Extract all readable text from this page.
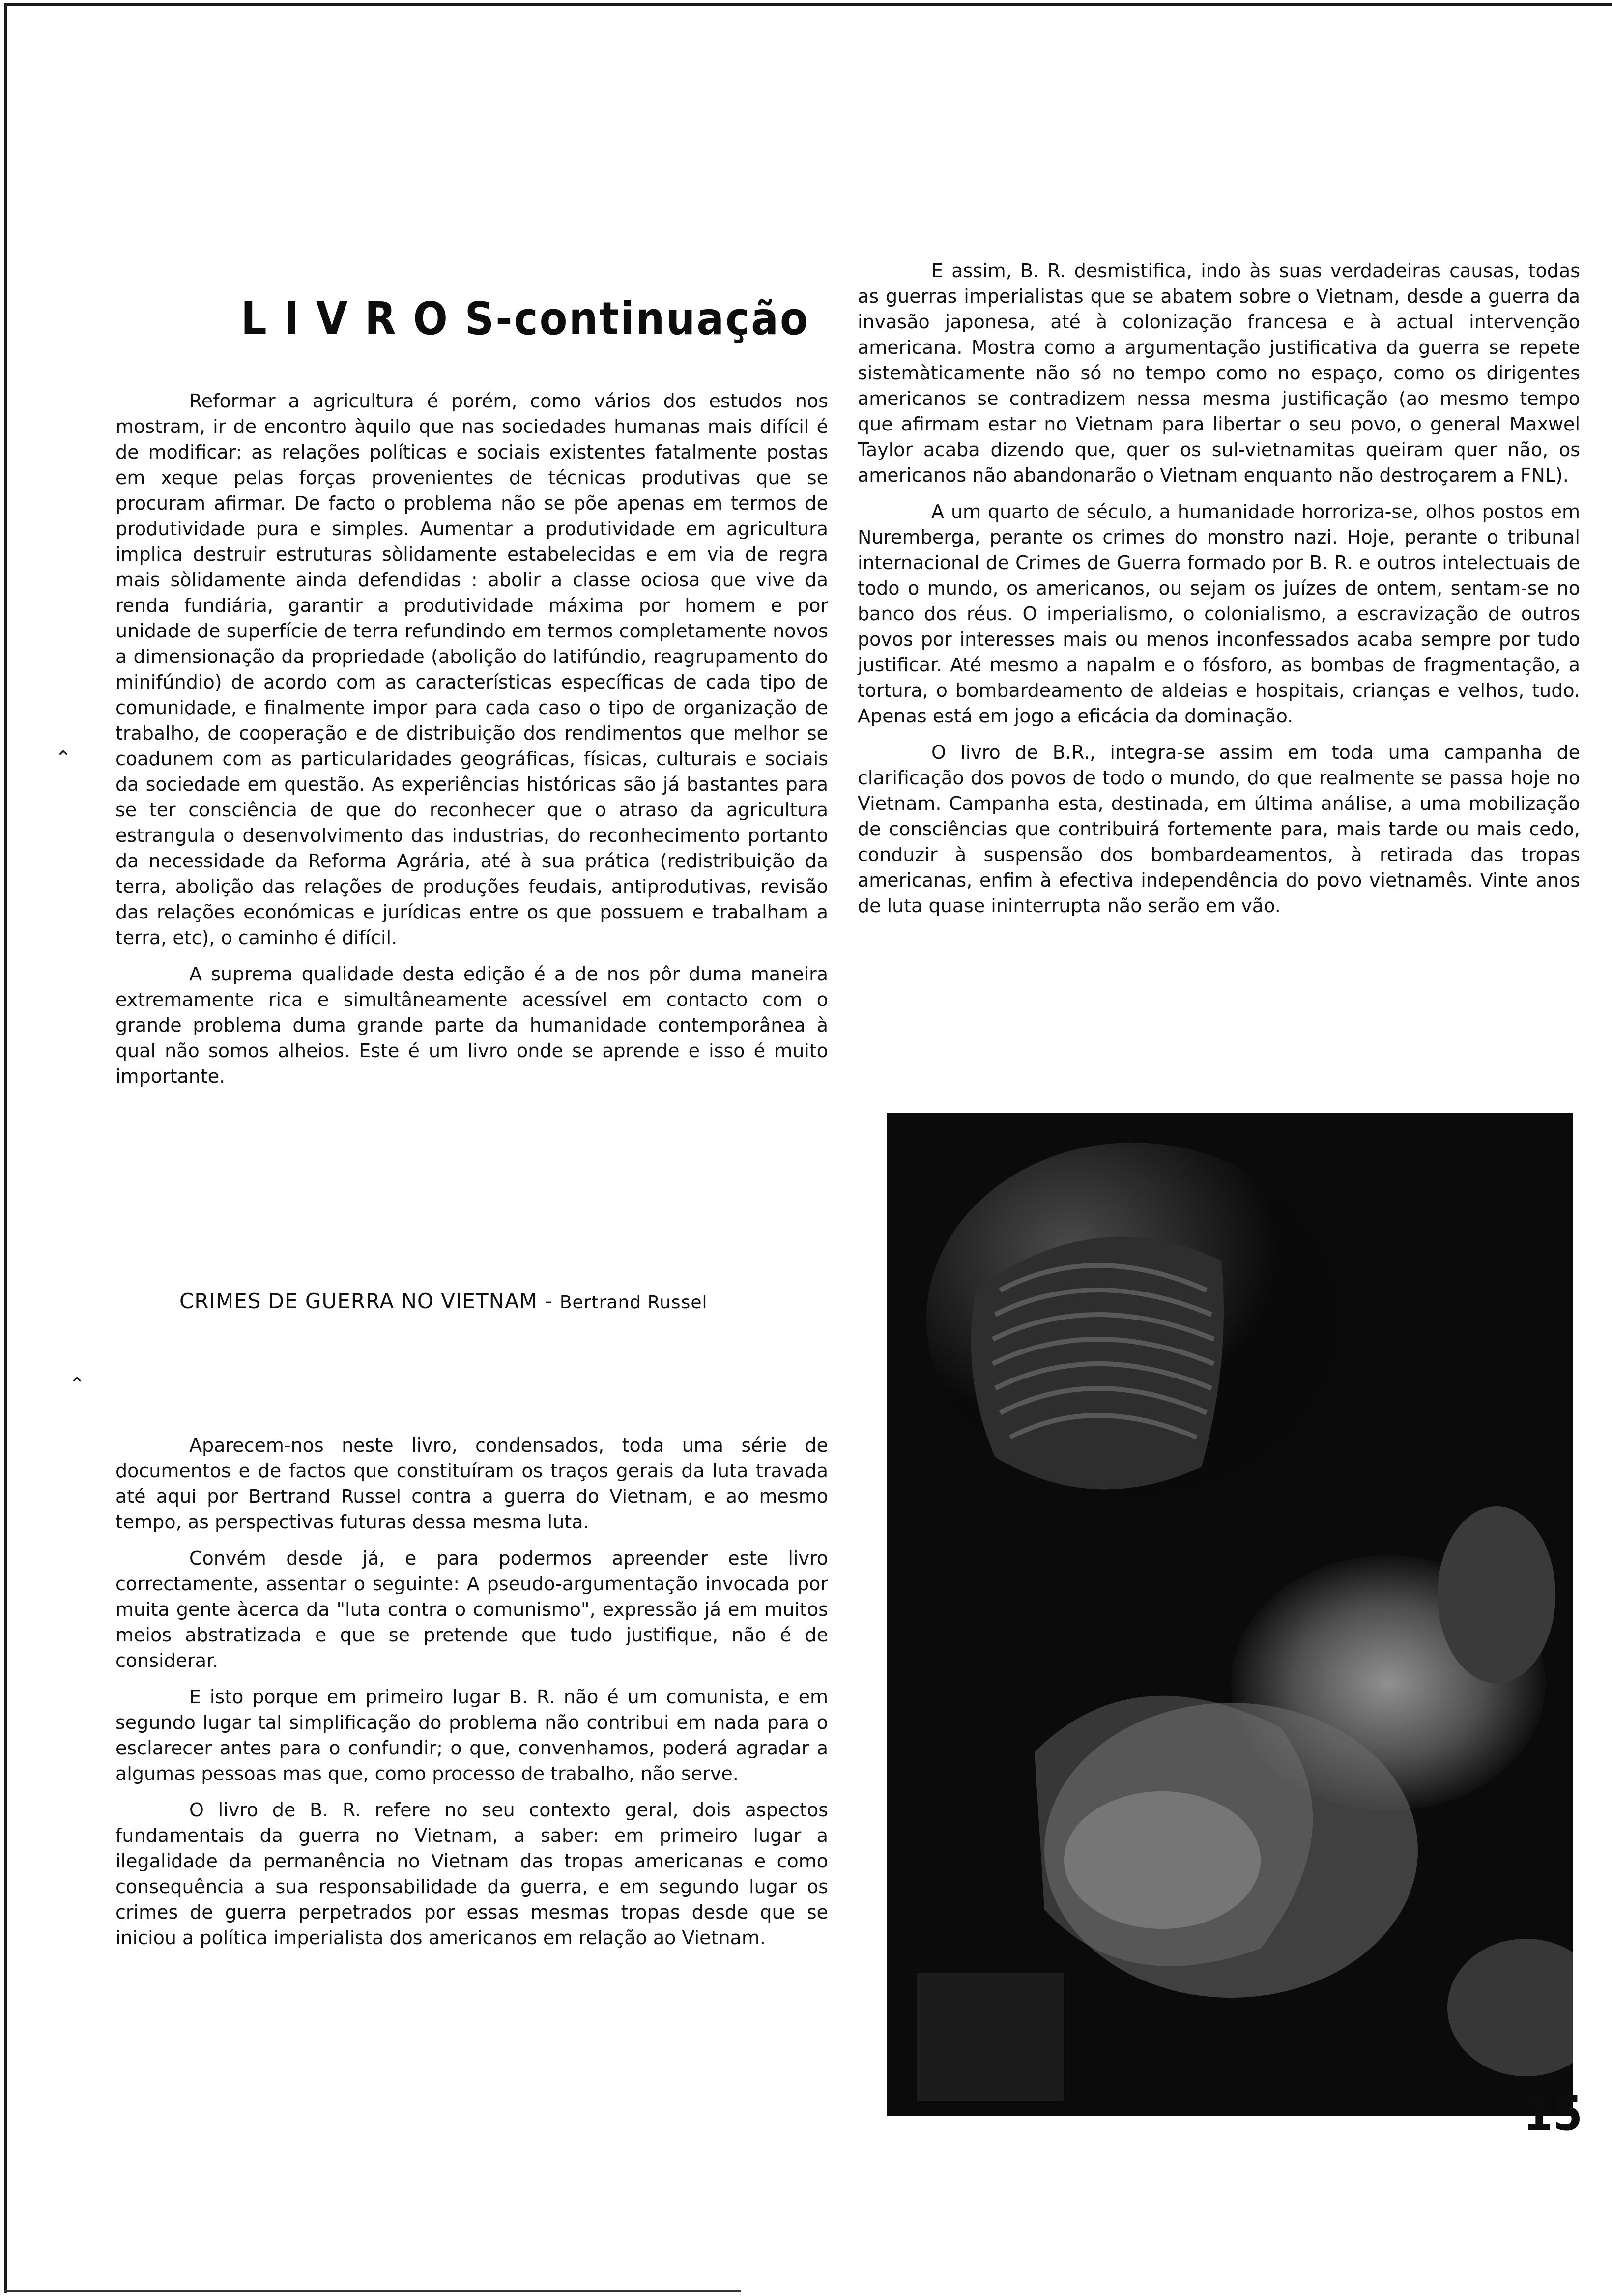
L I V R O S-continuação

Reformar a agricultura é porém, como vários dos estudos nos mostram, ir de encontro àquilo que nas sociedades humanas mais difícil é de modificar: as relações políticas e sociais existentes fatalmente postas em xeque pelas forças provenientes de técnicas produtivas que se procuram afirmar. De facto o problema não se põe apenas em termos de produtividade pura e simples. Aumentar a produtividade em agricultura implica destruir estruturas sòlidamente estabelecidas e em via de regra mais sòlidamente ainda defendidas : abolir a classe ociosa que vive da renda fundiária, garantir a produtividade máxima por homem e por unidade de superfície de terra refundindo em termos completamente novos a dimensionação da propriedade (abolição do latifúndio, reagrupamento do minifúndio) de acordo com as características específicas de cada tipo de comunidade, e finalmente impor para cada caso o tipo de organização de trabalho, de cooperação e de distribuição dos rendimentos que melhor se coadunem com as particularidades geográficas, físicas, culturais e sociais da sociedade em questão. As experiências históricas são já bastantes para se ter consciência de que do reconhecer que o atraso da agricultura estrangula o desenvolvimento das industrias, do reconhecimento portanto da necessidade da Reforma Agrária, até à sua prática (redistribuição da terra, abolição das relações de produções feudais, antiprodutivas, revisão das relações económicas e jurídicas entre os que possuem e trabalham a terra, etc), o caminho é difícil.

A suprema qualidade desta edição é a de nos pôr duma maneira extremamente rica e simultâneamente acessível em contacto com o grande problema duma grande parte da humanidade contemporânea à qual não somos alheios. Este é um livro onde se aprende e isso é muito importante.

CRIMES DE GUERRA NO VIETNAM - Bertrand Russel

Aparecem-nos neste livro, condensados, toda uma série de documentos e de factos que constituíram os traços gerais da luta travada até aqui por Bertrand Russel contra a guerra do Vietnam, e ao mesmo tempo, as perspectivas futuras dessa mesma luta.

Convém desde já, e para podermos apreender este livro correctamente, assentar o seguinte: A pseudo-argumentação invocada por muita gente àcerca da "luta contra o comunismo", expressão já em muitos meios abstratizada e que se pretende que tudo justifique, não é de considerar.

E isto porque em primeiro lugar B. R. não é um comunista, e em segundo lugar tal simplificação do problema não contribui em nada para o esclarecer antes para o confundir; o que, convenhamos, poderá agradar a algumas pessoas mas que, como processo de trabalho, não serve.

O livro de B. R. refere no seu contexto geral, dois aspectos fundamentais da guerra no Vietnam, a saber: em primeiro lugar a ilegalidade da permanência no Vietnam das tropas americanas e como consequência a sua responsabilidade da guerra, e em segundo lugar os crimes de guerra perpetrados por essas mesmas tropas desde que se iniciou a política imperialista dos americanos em relação ao Vietnam.

E assim, B. R. desmistifica, indo às suas verdadeiras causas, todas as guerras imperialistas que se abatem sobre o Vietnam, desde a guerra da invasão japonesa, até à colonização francesa e à actual intervenção americana. Mostra como a argumentação justificativa da guerra se repete sistemàticamente não só no tempo como no espaço, como os dirigentes americanos se contradizem nessa mesma justificação (ao mesmo tempo que afirmam estar no Vietnam para libertar o seu povo, o general Maxwel Taylor acaba dizendo que, quer os sul-vietnamitas queiram quer não, os americanos não abandonarão o Vietnam enquanto não destroçarem a FNL).

A um quarto de século, a humanidade horroriza-se, olhos postos em Nuremberga, perante os crimes do monstro nazi. Hoje, perante o tribunal internacional de Crimes de Guerra formado por B. R. e outros intelectuais de todo o mundo, os americanos, ou sejam os juízes de ontem, sentam-se no banco dos réus. O imperialismo, o colonialismo, a escravização de outros povos por interesses mais ou menos inconfessados acaba sempre por tudo justificar. Até mesmo a napalm e o fósforo, as bombas de fragmentação, a tortura, o bombardeamento de aldeias e hospitais, crianças e velhos, tudo. Apenas está em jogo a eficácia da dominação.

O livro de B.R., integra-se assim em toda uma campanha de clarificação dos povos de todo o mundo, do que realmente se passa hoje no Vietnam. Campanha esta, destinada, em última análise, a uma mobilização de consciências que contribuirá fortemente para, mais tarde ou mais cedo, conduzir à suspensão dos bombardeamentos, à retirada das tropas americanas, enfim à efectiva independência do povo vietnamês. Vinte anos de luta quase ininterrupta não serão em vão.

⌃
⌃
15
